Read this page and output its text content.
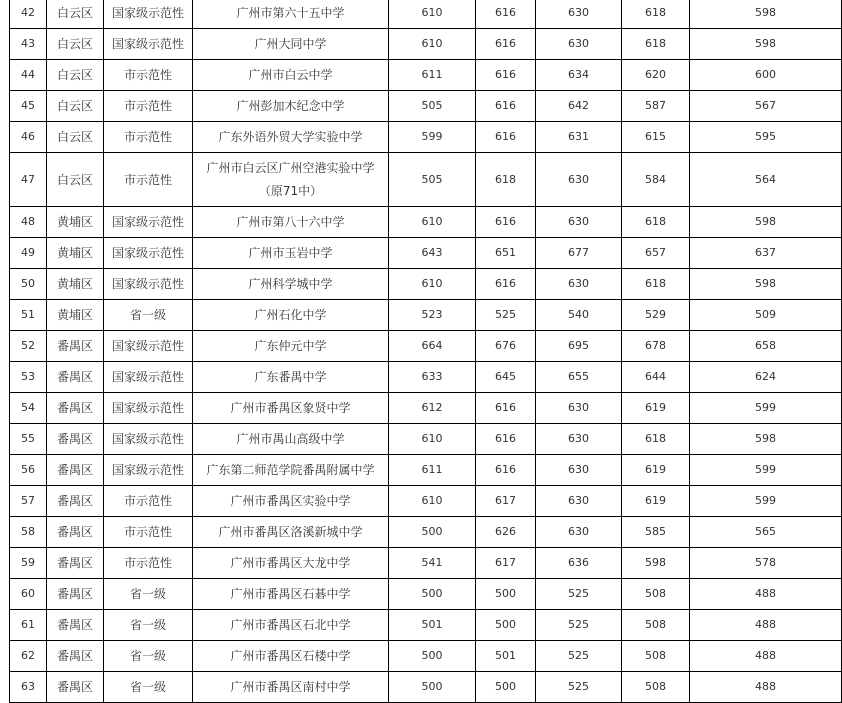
42	白云区	国家级示范性	广州市第六十五中学	610	616	630	618	598
43	白云区	国家级示范性	广州大同中学	610	616	630	618	598
44	白云区	市示范性	广州市白云中学	611	616	634	620	600
45	白云区	市示范性	广州彭加木纪念中学	505	616	642	587	567
46	白云区	市示范性	广东外语外贸大学实验中学	599	616	631	615	595
47	白云区	市示范性	广州市白云区广州空港实验中学（原71中）	505	618	630	584	564
48	黄埔区	国家级示范性	广州市第八十六中学	610	616	630	618	598
49	黄埔区	国家级示范性	广州市玉岩中学	643	651	677	657	637
50	黄埔区	国家级示范性	广州科学城中学	610	616	630	618	598
51	黄埔区	省一级	广州石化中学	523	525	540	529	509
52	番禺区	国家级示范性	广东仲元中学	664	676	695	678	658
53	番禺区	国家级示范性	广东番禺中学	633	645	655	644	624
54	番禺区	国家级示范性	广州市番禺区象贤中学	612	616	630	619	599
55	番禺区	国家级示范性	广州市禺山高级中学	610	616	630	618	598
56	番禺区	国家级示范性	广东第二师范学院番禺附属中学	611	616	630	619	599
57	番禺区	市示范性	广州市番禺区实验中学	610	617	630	619	599
58	番禺区	市示范性	广州市番禺区洛溪新城中学	500	626	630	585	565
59	番禺区	市示范性	广州市番禺区大龙中学	541	617	636	598	578
60	番禺区	省一级	广州市番禺区石碁中学	500	500	525	508	488
61	番禺区	省一级	广州市番禺区石北中学	501	500	525	508	488
62	番禺区	省一级	广州市番禺区石楼中学	500	501	525	508	488
63	番禺区	省一级	广州市番禺区南村中学	500	500	525	508	488
